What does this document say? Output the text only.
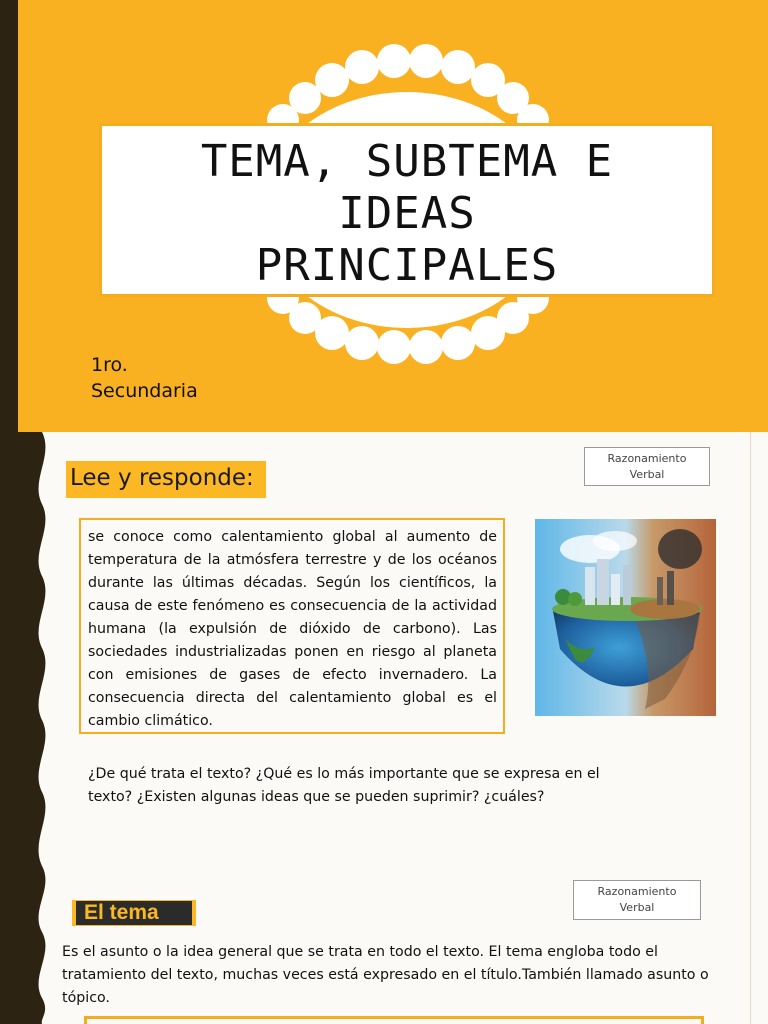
TEMA, SUBTEMA E
IDEAS
PRINCIPALES
1ro.
Secundaria
Lee y responde:
Razonamiento
Verbal

se conoce como calentamiento global al aumento de temperatura de la atmósfera terrestre y de los océanos durante las últimas décadas. Según los científicos, la causa de este fenómeno es consecuencia de la actividad humana (la expulsión de dióxido de carbono). Las sociedades industrializadas ponen en riesgo al planeta con emisiones de gases de efecto invernadero. La consecuencia directa del calentamiento global es el cambio climático.

¿De qué trata el texto? ¿Qué es lo más importante que se expresa en el texto? ¿Existen algunas ideas que se pueden suprimir? ¿cuáles?
El tema
Razonamiento
Verbal

Es el asunto o la idea general que se trata en todo el texto. El tema engloba todo el tratamiento del texto, muchas veces está expresado en el título.También llamado asunto o tópico.
